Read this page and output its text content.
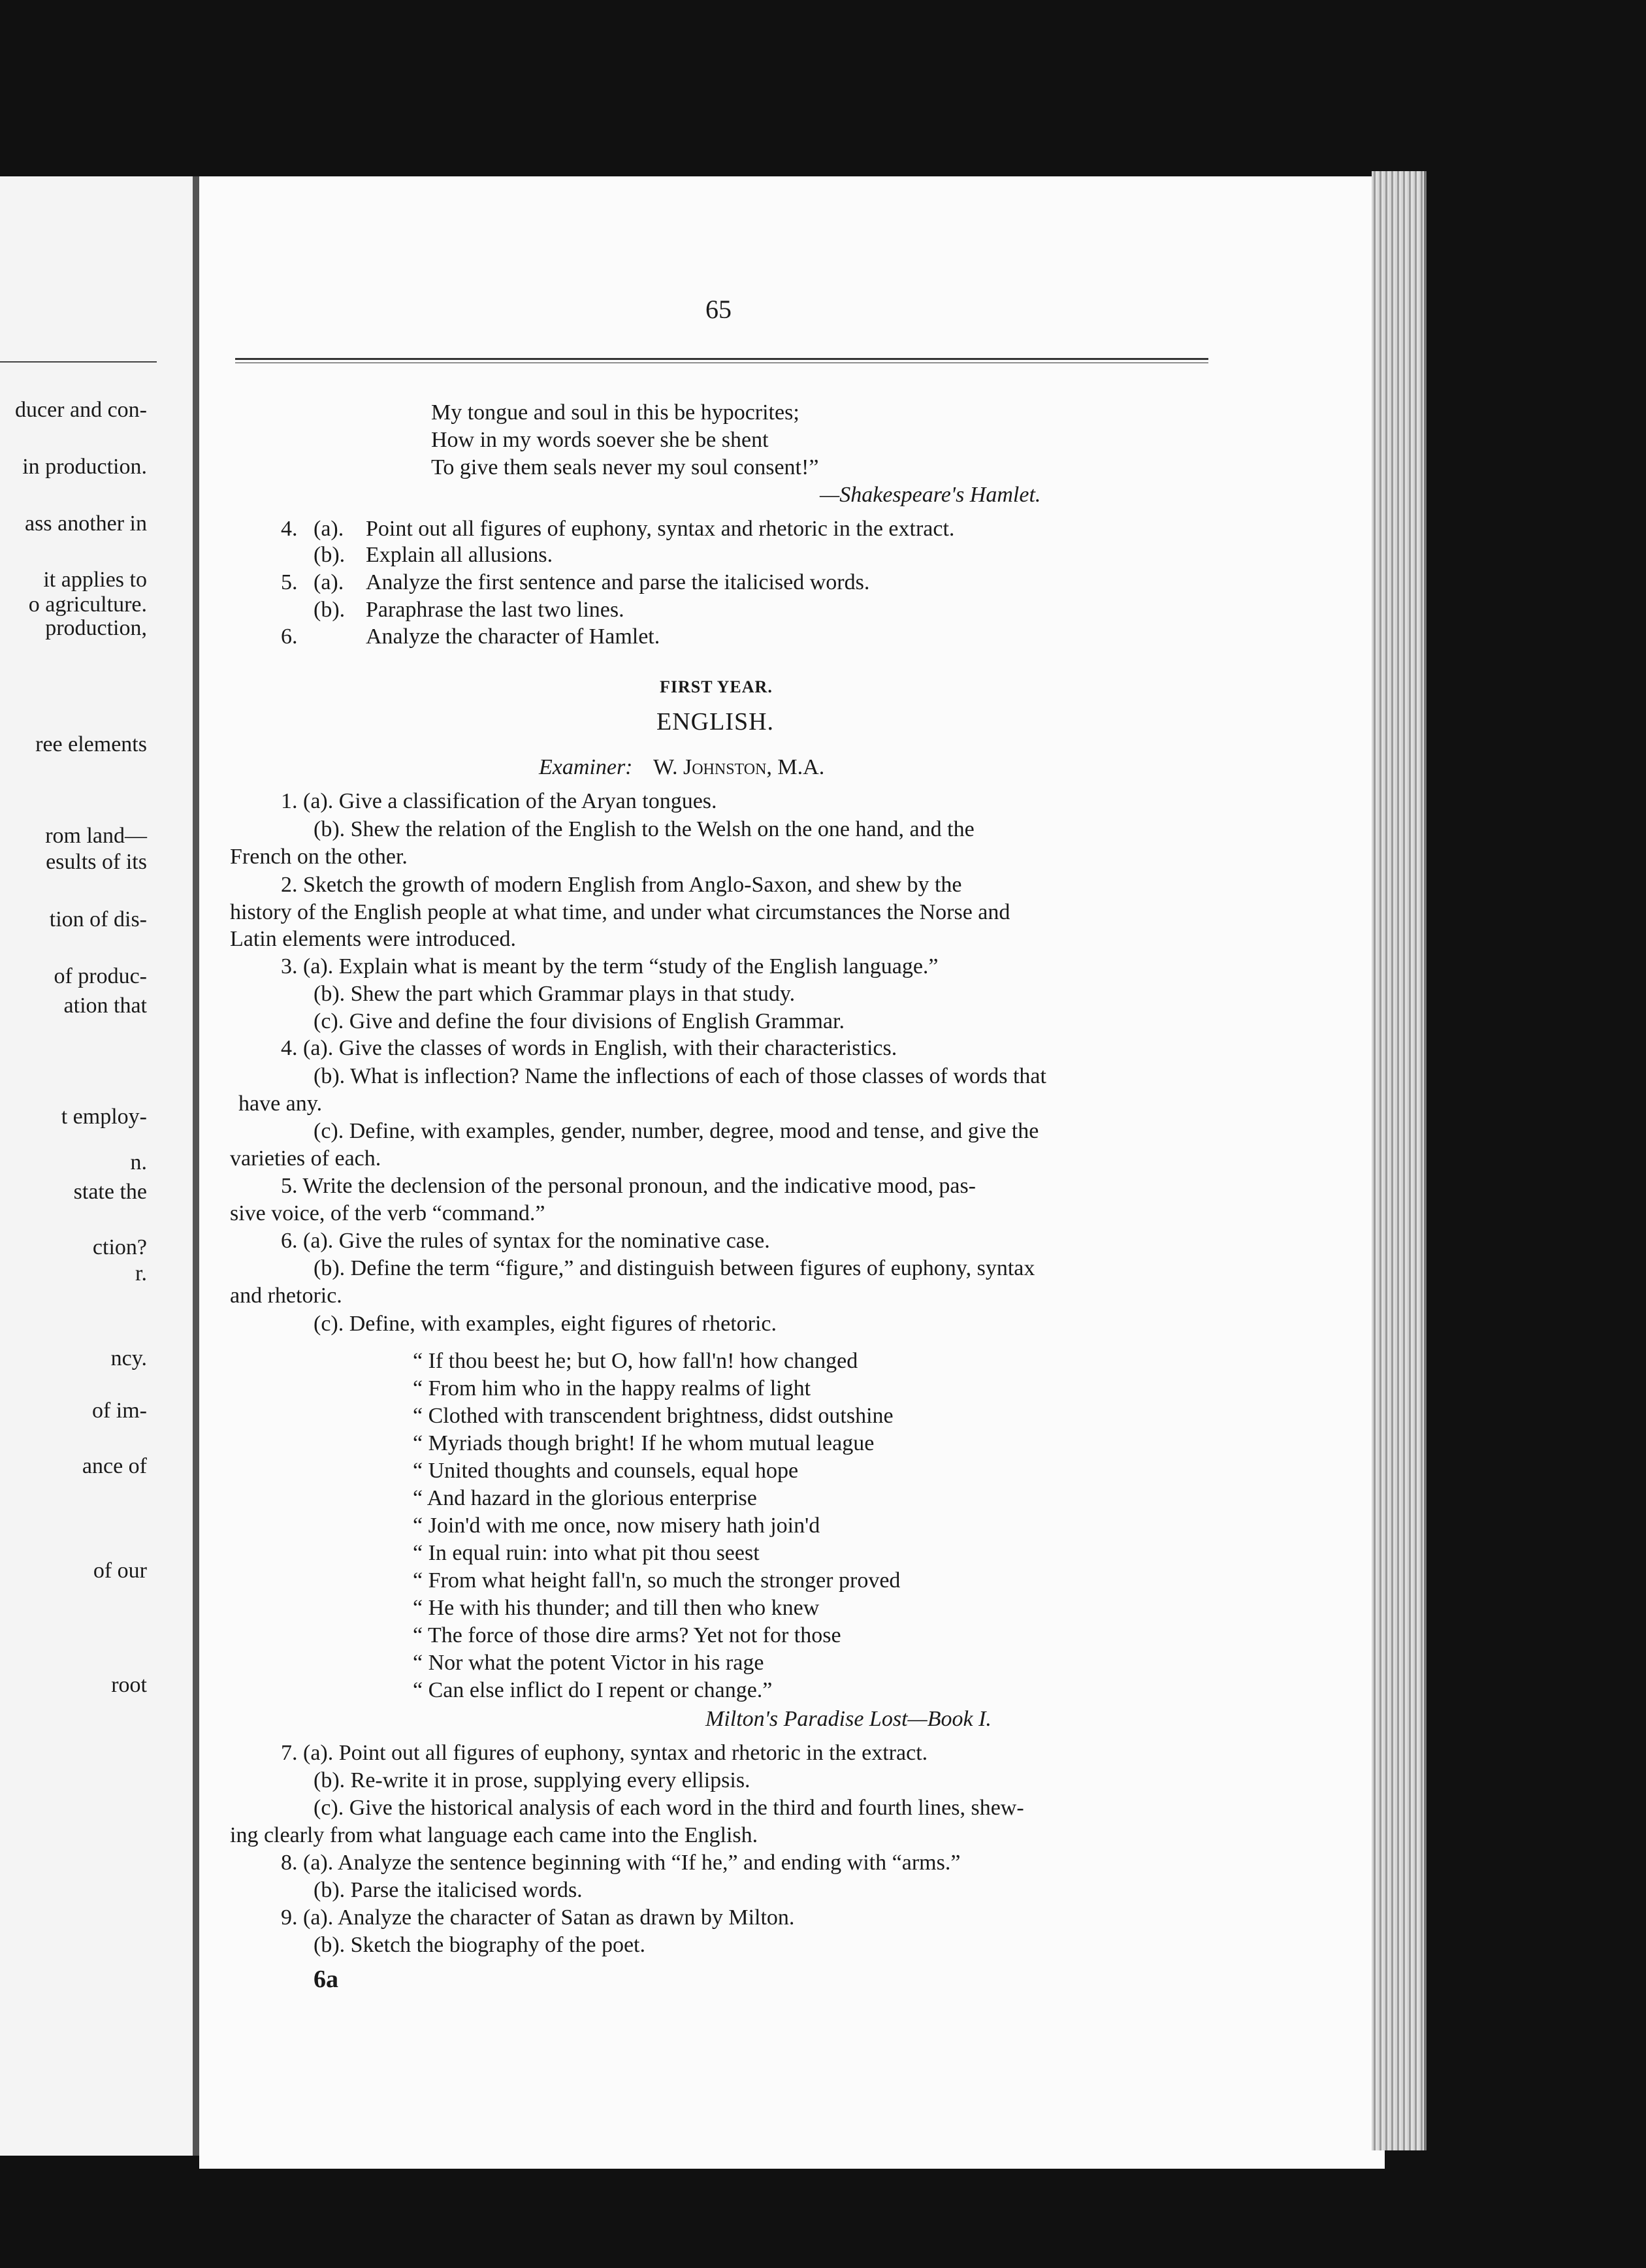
ducer and con-
in production.
ass another in
it applies to
o agriculture.
production,
ree elements
rom land—
esults of its
tion of dis-
of produc-
ation that
t employ-
n.
state the
ction?
r.
ncy.
of im-
ance of
of our
root
65
My tongue and soul in this be hypocrites;
How in my words soever she be shent
To give them seals never my soul consent!”
—Shakespeare's Hamlet.
4. (a). Point out all figures of euphony, syntax and rhetoric in the extract.
(b). Explain all allusions.
5. (a). Analyze the first sentence and parse the italicised words.
(b). Paraphrase the last two lines.
6.	Analyze the character of Hamlet.
FIRST YEAR.
ENGLISH.
Examiner: W. Johnston, M.A.
1. (a). Give a classification of the Aryan tongues.
(b). Shew the relation of the English to the Welsh on the one hand, and the
French on the other.
2. Sketch the growth of modern English from Anglo-Saxon, and shew by the
history of the English people at what time, and under what circumstances the Norse and
Latin elements were introduced.
3. (a). Explain what is meant by the term “study of the English language.”
(b). Shew the part which Grammar plays in that study.
(c). Give and define the four divisions of English Grammar.
4. (a). Give the classes of words in English, with their characteristics.
(b). What is inflection? Name the inflections of each of those classes of words that
have any.
(c). Define, with examples, gender, number, degree, mood and tense, and give the
varieties of each.
5. Write the declension of the personal pronoun, and the indicative mood, pas-
sive voice, of the verb “command.”
6. (a). Give the rules of syntax for the nominative case.
(b). Define the term “figure,” and distinguish between figures of euphony, syntax
and rhetoric.
(c). Define, with examples, eight figures of rhetoric.
“ If thou beest he; but O, how fall'n! how changed
“ From him who in the happy realms of light
“ Clothed with transcendent brightness, didst outshine
“ Myriads though bright! If he whom mutual league
“ United thoughts and counsels, equal hope
“ And hazard in the glorious enterprise
“ Join'd with me once, now misery hath join'd
“ In equal ruin: into what pit thou seest
“ From what height fall'n, so much the stronger proved
“ He with his thunder; and till then who knew
“ The force of those dire arms? Yet not for those
“ Nor what the potent Victor in his rage
“ Can else inflict do I repent or change.”
Milton's Paradise Lost—Book I.
7. (a). Point out all figures of euphony, syntax and rhetoric in the extract.
(b). Re-write it in prose, supplying every ellipsis.
(c). Give the historical analysis of each word in the third and fourth lines, shew-
ing clearly from what language each came into the English.
8. (a). Analyze the sentence beginning with “If he,” and ending with “arms.”
(b). Parse the italicised words.
9. (a). Analyze the character of Satan as drawn by Milton.
(b). Sketch the biography of the poet.
6a
